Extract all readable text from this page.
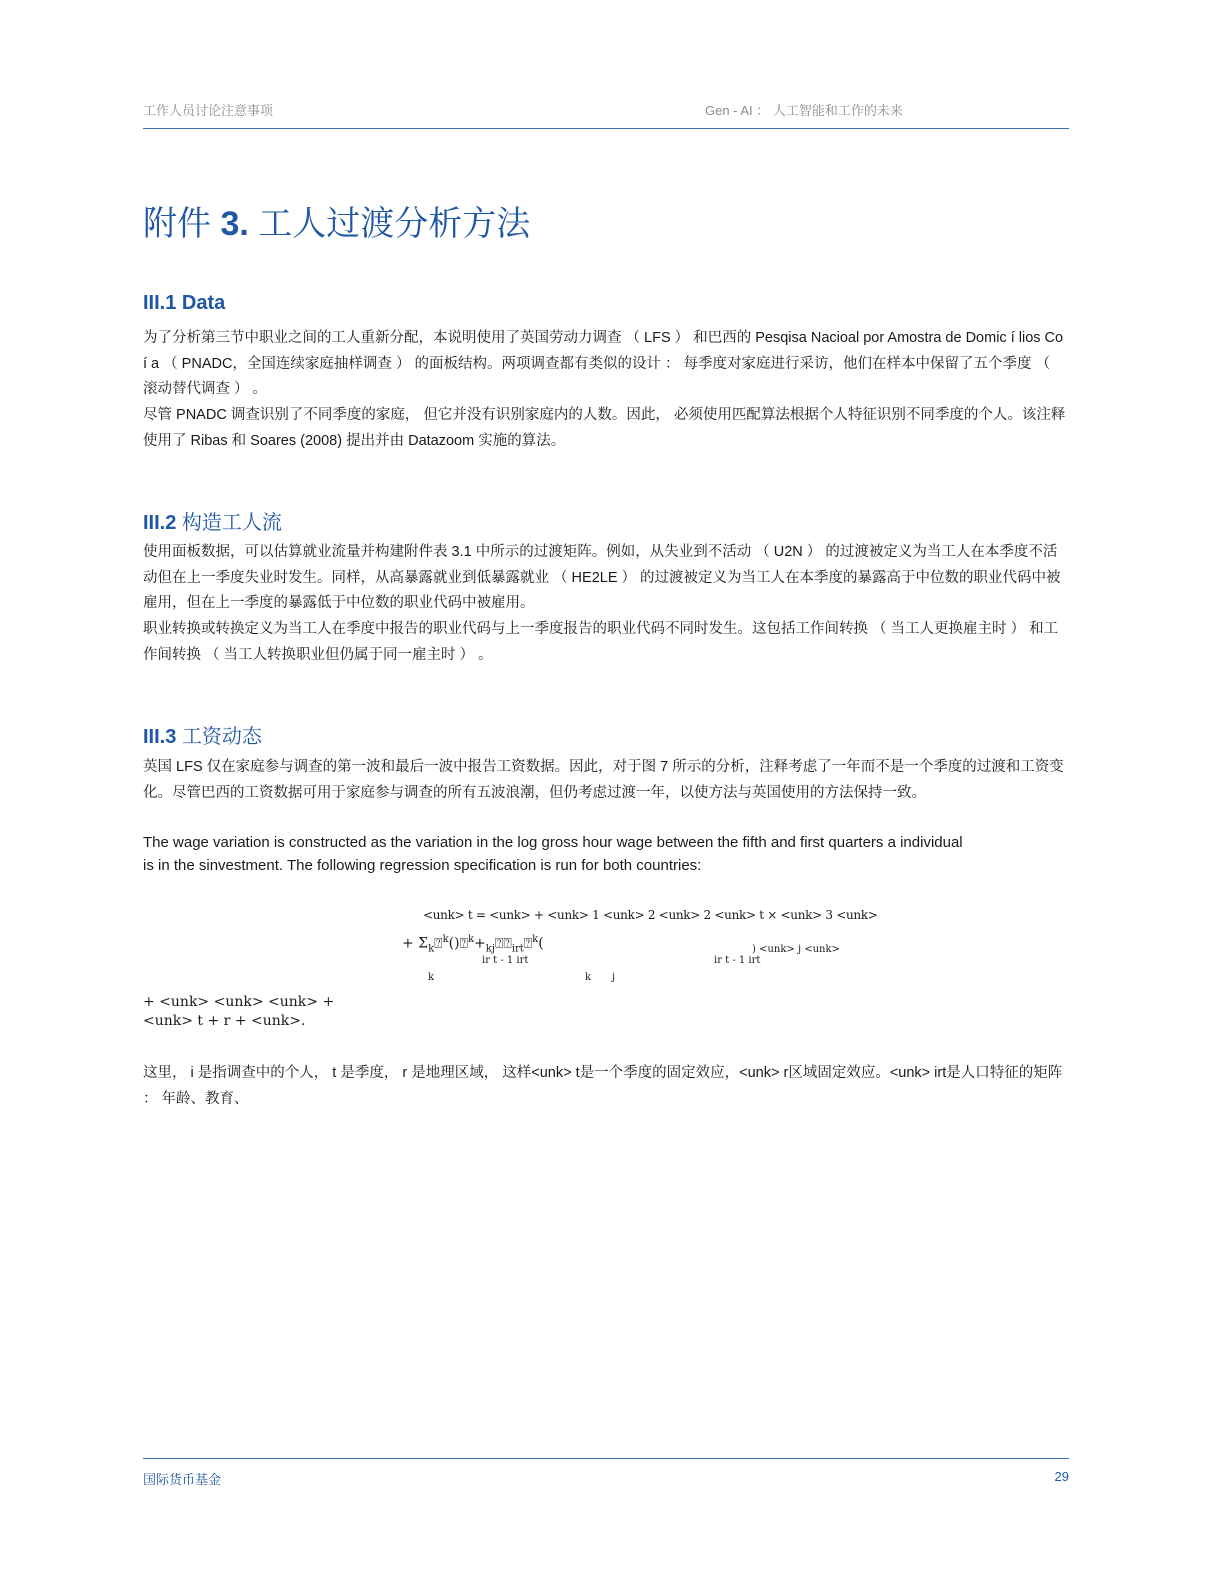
工作人员讨论注意事项	Gen - AI ： 人工智能和工作的未来
附件 3. 工人过渡分析方法
III.1 Data

为了分析第三节中职业之间的工人重新分配，本说明使用了英国劳动力调查 （ LFS ） 和巴西的 Pesqisa Nacioal por Amostra de Domic í lios Co í a （ PNADC，全国连续家庭抽样调查 ） 的面板结构。两项调查都有类似的设计 ： 每季度对家庭进行采访，他们在样本中保留了五个季度 （ 滚动替代调查 ） 。

尽管 PNADC 调查识别了不同季度的家庭， 但它并没有识别家庭内的人数。因此， 必须使用匹配算法根据个人特征识别不同季度的个人。该注释使用了 Ribas 和 Soares (2008) 提出并由 Datazoom 实施的算法。

III.2 构造工人流

使用面板数据，可以估算就业流量并构建附件表 3.1 中所示的过渡矩阵。例如，从失业到不活动 （ U2N ） 的过渡被定义为当工人在本季度不活动但在上一季度失业时发生。同样，从高暴露就业到低暴露就业 （ HE2LE ） 的过渡被定义为当工人在本季度的暴露高于中位数的职业代码中被雇用，但在上一季度的暴露低于中位数的职业代码中被雇用。

职业转换或转换定义为当工人在季度中报告的职业代码与上一季度报告的职业代码不同时发生。这包括工作间转换 （ 当工人更换雇主时 ） 和工作间转换 （ 当工人转换职业但仍属于同一雇主时 ） 。

III.3 工资动态

英国 LFS 仅在家庭参与调查的第一波和最后一波中报告工资数据。因此，对于图 7 所示的分析，注释考虑了一年而不是一个季度的过渡和工资变化。尽管巴西的工资数据可用于家庭参与调查的所有五波浪潮，但仍考虑过渡一年，以使方法与英国使用的方法保持一致。

The wage variation is constructed as the variation in the log gross hour wage between the fifth and first quarters a individual

is in the sinvestment. The following regression specification is run for both countries:

<unk> t = <unk> + <unk> 1 <unk> 2 <unk> 2 <unk> t × <unk> 3 <unk>
+ $\Sigma_k⍰^k()⍰^k+_{kj}⍰⍰_{irt}⍰^k$(	) <unk> j <unk>
ir t - 1 irt	ir t - 1 irt
k	k j
+ <unk> <unk> <unk> +
<unk> t + r + <unk>.

这里， i 是指调查中的个人， t 是季度， r 是地理区域， 这样<unk> t是一个季度的固定效应，<unk> r区域固定效应。<unk> irt是人口特征的矩阵 ： 年龄、教育、

国际货币基金	29
